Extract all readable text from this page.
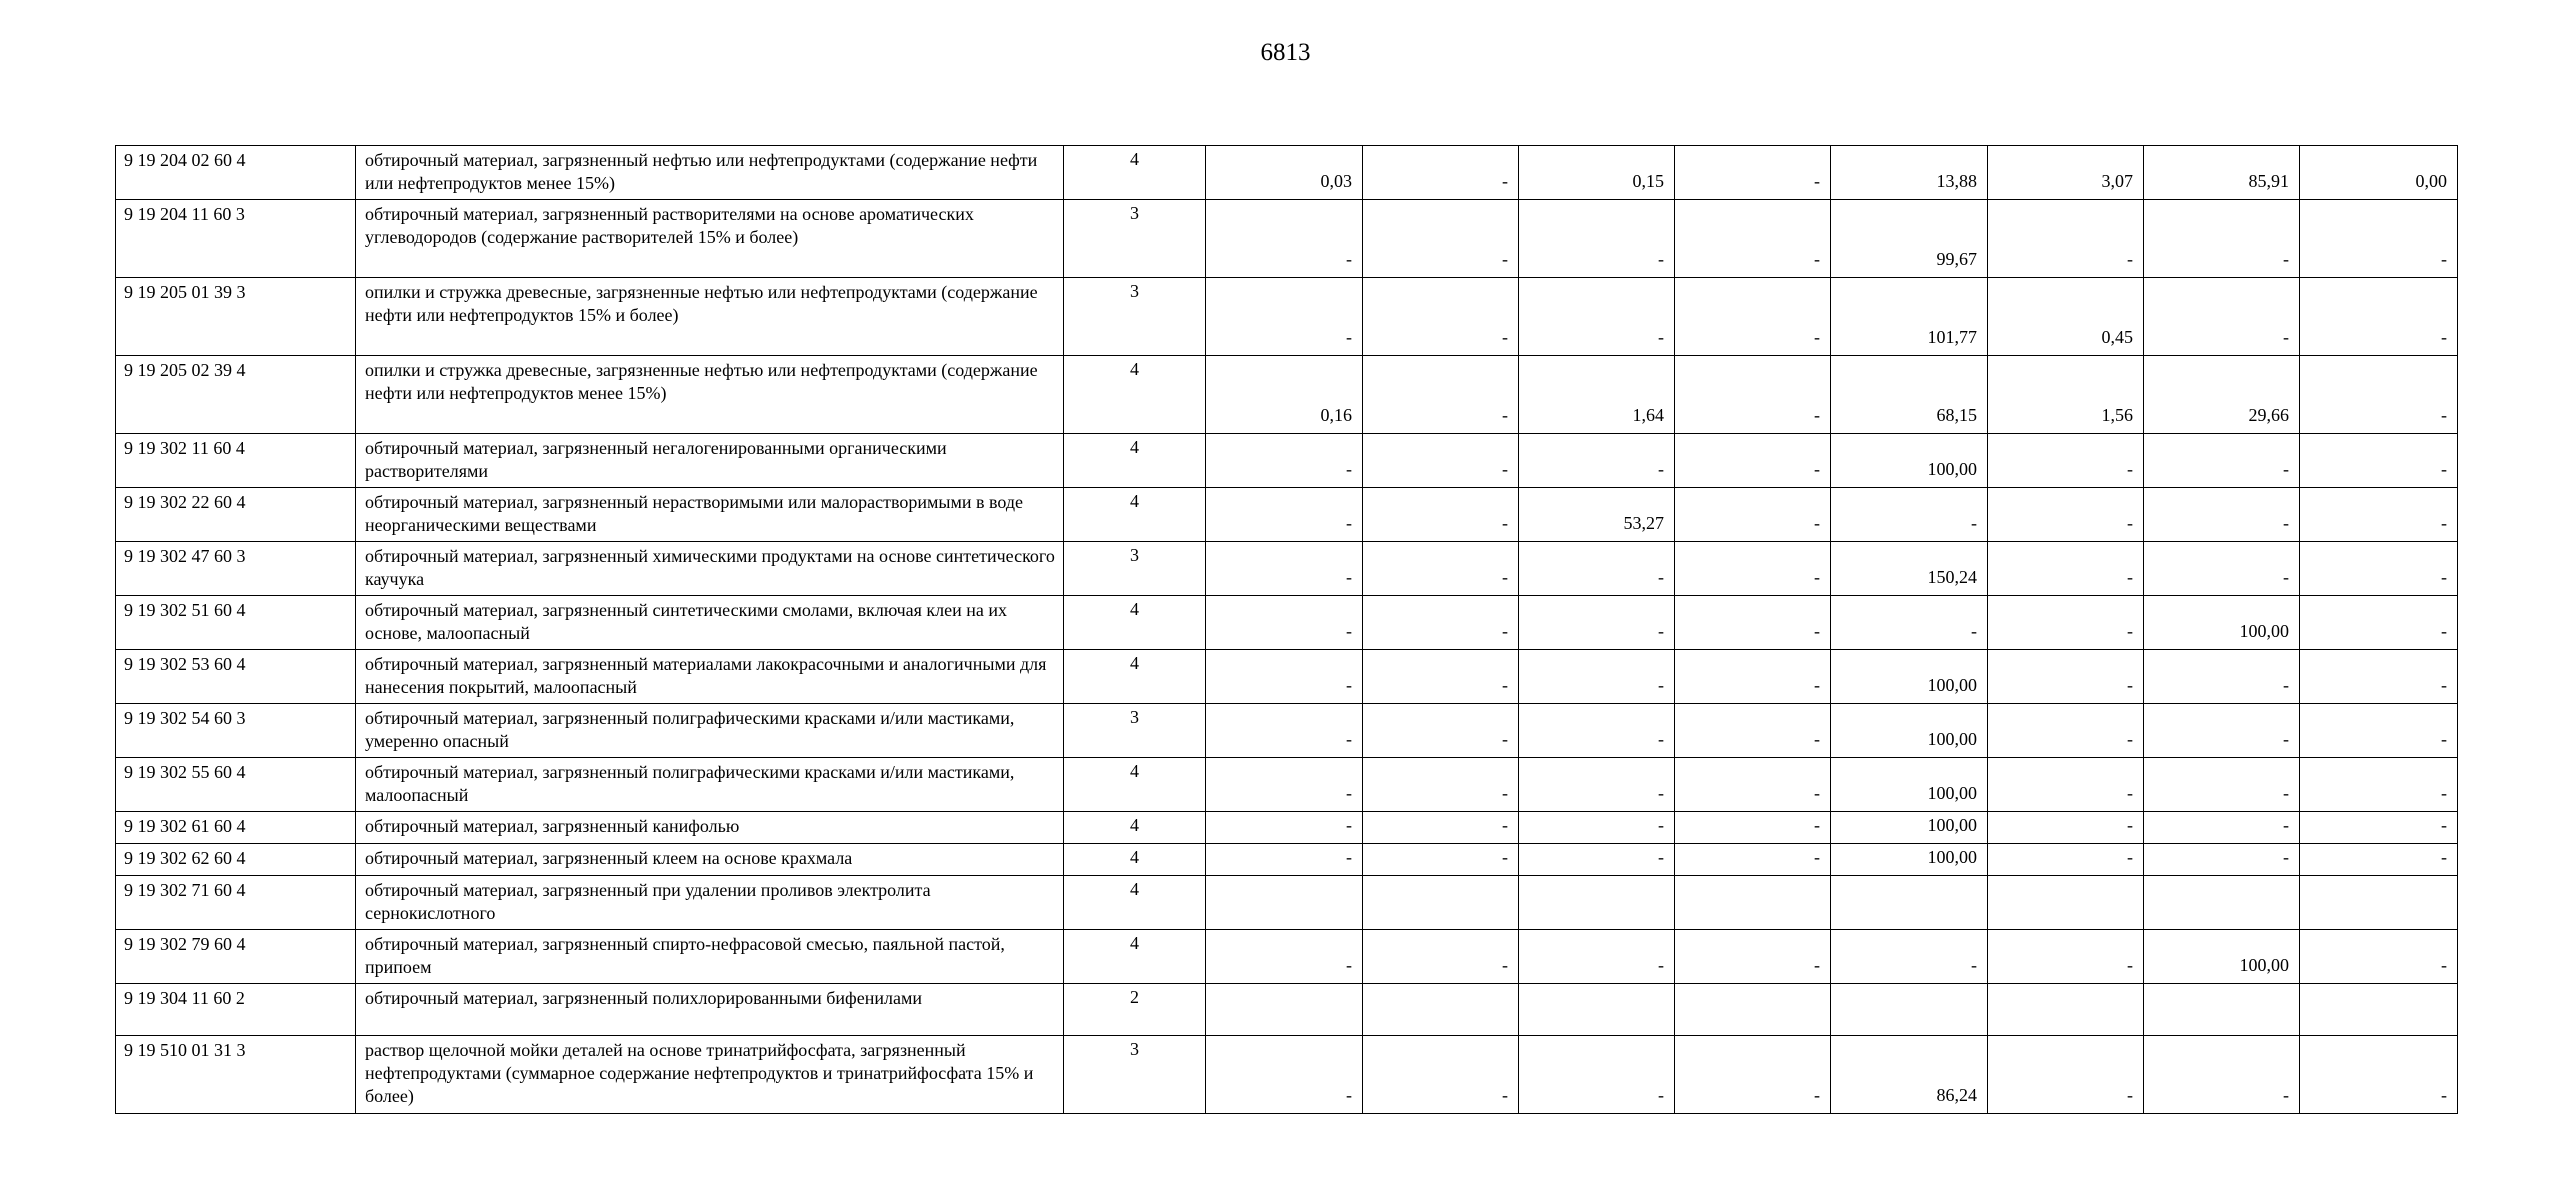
6813
9 19 204 02 60 4	обтирочный материал, загрязненный нефтью или нефтепродуктами (содержание нефти или нефтепродуктов менее 15%)	4	0,03	-	0,15	-	13,88	3,07	85,91	0,00
9 19 204 11 60 3	обтирочный материал, загрязненный растворителями на основе ароматических углеводородов (содержание растворителей 15% и более)	3	-	-	-	-	99,67	-	-	-
9 19 205 01 39 3	опилки и стружка древесные, загрязненные нефтью или нефтепродуктами (содержание нефти или нефтепродуктов 15% и более)	3	-	-	-	-	101,77	0,45	-	-
9 19 205 02 39 4	опилки и стружка древесные, загрязненные нефтью или нефтепродуктами (содержание нефти или нефтепродуктов менее 15%)	4	0,16	-	1,64	-	68,15	1,56	29,66	-
9 19 302 11 60 4	обтирочный материал, загрязненный негалогенированными органическими растворителями	4	-	-	-	-	100,00	-	-	-
9 19 302 22 60 4	обтирочный материал, загрязненный нерастворимыми или малорастворимыми в воде неорганическими веществами	4	-	-	53,27	-	-	-	-	-
9 19 302 47 60 3	обтирочный материал, загрязненный химическими продуктами на основе синтетического каучука	3	-	-	-	-	150,24	-	-	-
9 19 302 51 60 4	обтирочный материал, загрязненный синтетическими смолами, включая клеи на их основе, малоопасный	4	-	-	-	-	-	-	100,00	-
9 19 302 53 60 4	обтирочный материал, загрязненный материалами лакокрасочными и аналогичными для нанесения покрытий, малоопасный	4	-	-	-	-	100,00	-	-	-
9 19 302 54 60 3	обтирочный материал, загрязненный полиграфическими красками и/или мастиками, умеренно опасный	3	-	-	-	-	100,00	-	-	-
9 19 302 55 60 4	обтирочный материал, загрязненный полиграфическими красками и/или мастиками, малоопасный	4	-	-	-	-	100,00	-	-	-
9 19 302 61 60 4	обтирочный материал, загрязненный канифолью	4	-	-	-	-	100,00	-	-	-
9 19 302 62 60 4	обтирочный материал, загрязненный клеем на основе крахмала	4	-	-	-	-	100,00	-	-	-
9 19 302 71 60 4	обтирочный материал, загрязненный при удалении проливов электролита сернокислотного	4								
9 19 302 79 60 4	обтирочный материал, загрязненный спирто-нефрасовой смесью, паяльной пастой, припоем	4	-	-	-	-	-	-	100,00	-
9 19 304 11 60 2	обтирочный материал, загрязненный полихлорированными бифенилами	2								
9 19 510 01 31 3	раствор щелочной мойки деталей на основе тринатрийфосфата, загрязненный нефтепродуктами (суммарное содержание нефтепродуктов и тринатрийфосфата 15% и более)	3	-	-	-	-	86,24	-	-	-
